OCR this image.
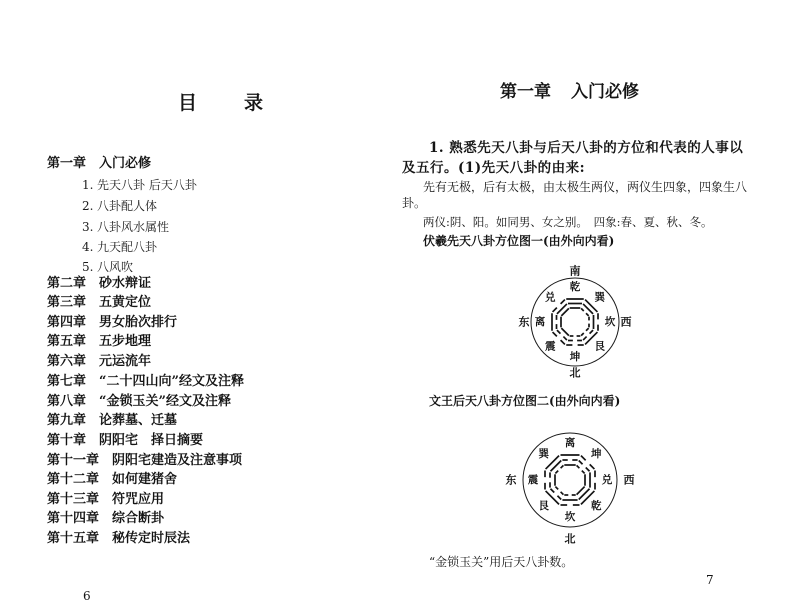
目　　录
第一章 入门必修
1. 先天八卦 后天八卦
2. 八卦配人体
3. 八卦风水属性
4. 九天配八卦
5. 八风吹
第二章 砂水辩证
第三章 五黄定位
第四章 男女胎次排行
第五章 五步地理
第六章 元运流年
第七章 “二十四山向”经文及注释
第八章 “金锁玉关”经文及注释
第九章 论葬墓、迁墓
第十章 阴阳宅　择日摘要
第十一章 阴阳宅建造及注意事项
第十二章 如何建猪舍
第十三章 符咒应用
第十四章 综合断卦
第十五章 秘传定时辰法
6
第一章 入门必修
1. 熟悉先天八卦与后天八卦的方位和代表的人事以
及五行。(1)先天八卦的由来:
先有无极，后有太极，由太极生两仪，两仪生四象，四象生八
卦。
两仪:阴、阳。如同男、女之别。　四象:春、夏、秋、冬。
伏羲先天八卦方位图一(由外向内看)
南
西
北
东
乾
巽
坎
艮
坤
震
离
兑
文王后天八卦方位图二(由外向内看)
西
北
东
离
坤
兑
乾
坎
艮
震
巽
“金锁玉关”用后天八卦数。
7
